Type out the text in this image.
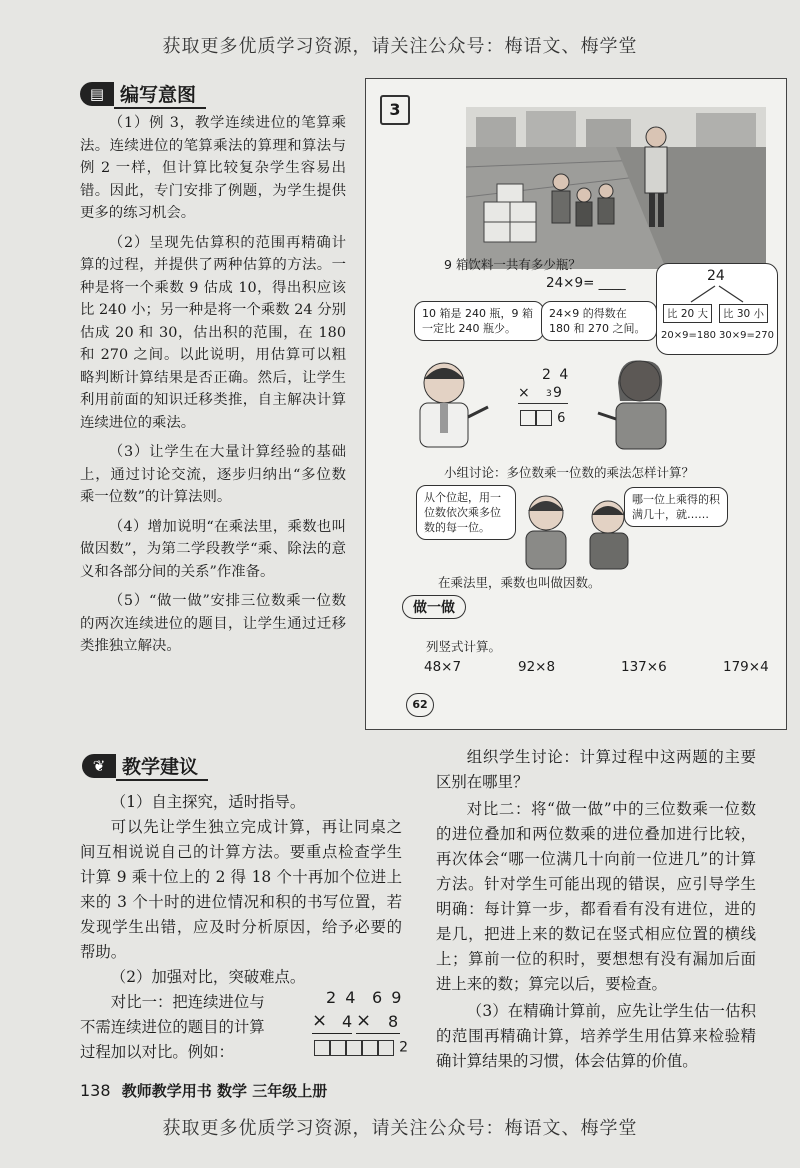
获取更多优质学习资源，请关注公众号：梅语文、梅学堂
▤ 编写意图

（1）例 3，教学连续进位的笔算乘法。连续进位的笔算乘法的算理和算法与例 2 一样，但计算比较复杂学生容易出错。因此，专门安排了例题，为学生提供更多的练习机会。

（2）呈现先估算积的范围再精确计算的过程，并提供了两种估算的方法。一种是将一个乘数 9 估成 10，得出积应该比 240 小；另一种是将一个乘数 24 分别估成 20 和 30，估出积的范围，在 180 和 270 之间。以此说明，用估算可以粗略判断计算结果是否正确。然后，让学生利用前面的知识迁移类推，自主解决计算连续进位的乘法。

（3）让学生在大量计算经验的基础上，通过讨论交流，逐步归纳出“多位数乘一位数”的计算法则。

（4）增加说明“在乘法里，乘数也叫做因数”，为第二学段教学“乘、除法的意义和各部分间的关系”作准备。

（5）“做一做”安排三位数乘一位数的两次连续进位的题目，让学生通过迁移类推独立解决。

3
9 箱饮料一共有多少瓶？
24×9= ____
10 箱是 240 瓶，9 箱一定比 240 瓶少。
24×9 的得数在 180 和 270 之间。
24
比 20 大	比 30 小
20×9=180 30×9=270
2 4
× 3 9
6
小组讨论：多位数乘一位数的乘法怎样计算？
从个位起，用一位数依次乘多位数的每一位。
哪一位上乘得的积满几十，就……
在乘法里，乘数也叫做因数。
做一做
列竖式计算。
48×7	92×8	137×6	179×4
62
❦ 教学建议

（1）自主探究，适时指导。

可以先让学生独立完成计算，再让同桌之间互相说说自己的计算方法。要重点检查学生计算 9 乘十位上的 2 得 18 个十再加个位进上来的 3 个十时的进位情况和积的书写位置，若发现学生出错，应及时分析原因，给予必要的帮助。

（2）加强对比，突破难点。

对比一：把连续进位与
不需连续进位的题目的计算
过程加以对比。例如：
2 4 6 9
× 4 × 8
2

组织学生讨论：计算过程中这两题的主要区别在哪里？

对比二：将“做一做”中的三位数乘一位数的进位叠加和两位数乘的进位叠加进行比较，再次体会“哪一位满几十向前一位进几”的计算方法。针对学生可能出现的错误，应引导学生明确：每计算一步，都看看有没有进位，进的是几，把进上来的数记在竖式相应位置的横线上；算前一位的积时，要想想有没有漏加后面进上来的数；算完以后，要检查。

（3）在精确计算前，应先让学生估一估积的范围再精确计算，培养学生用估算来检验精确计算结果的习惯，体会估算的价值。

138 教师教学用书 数学 三年级上册
获取更多优质学习资源，请关注公众号：梅语文、梅学堂
